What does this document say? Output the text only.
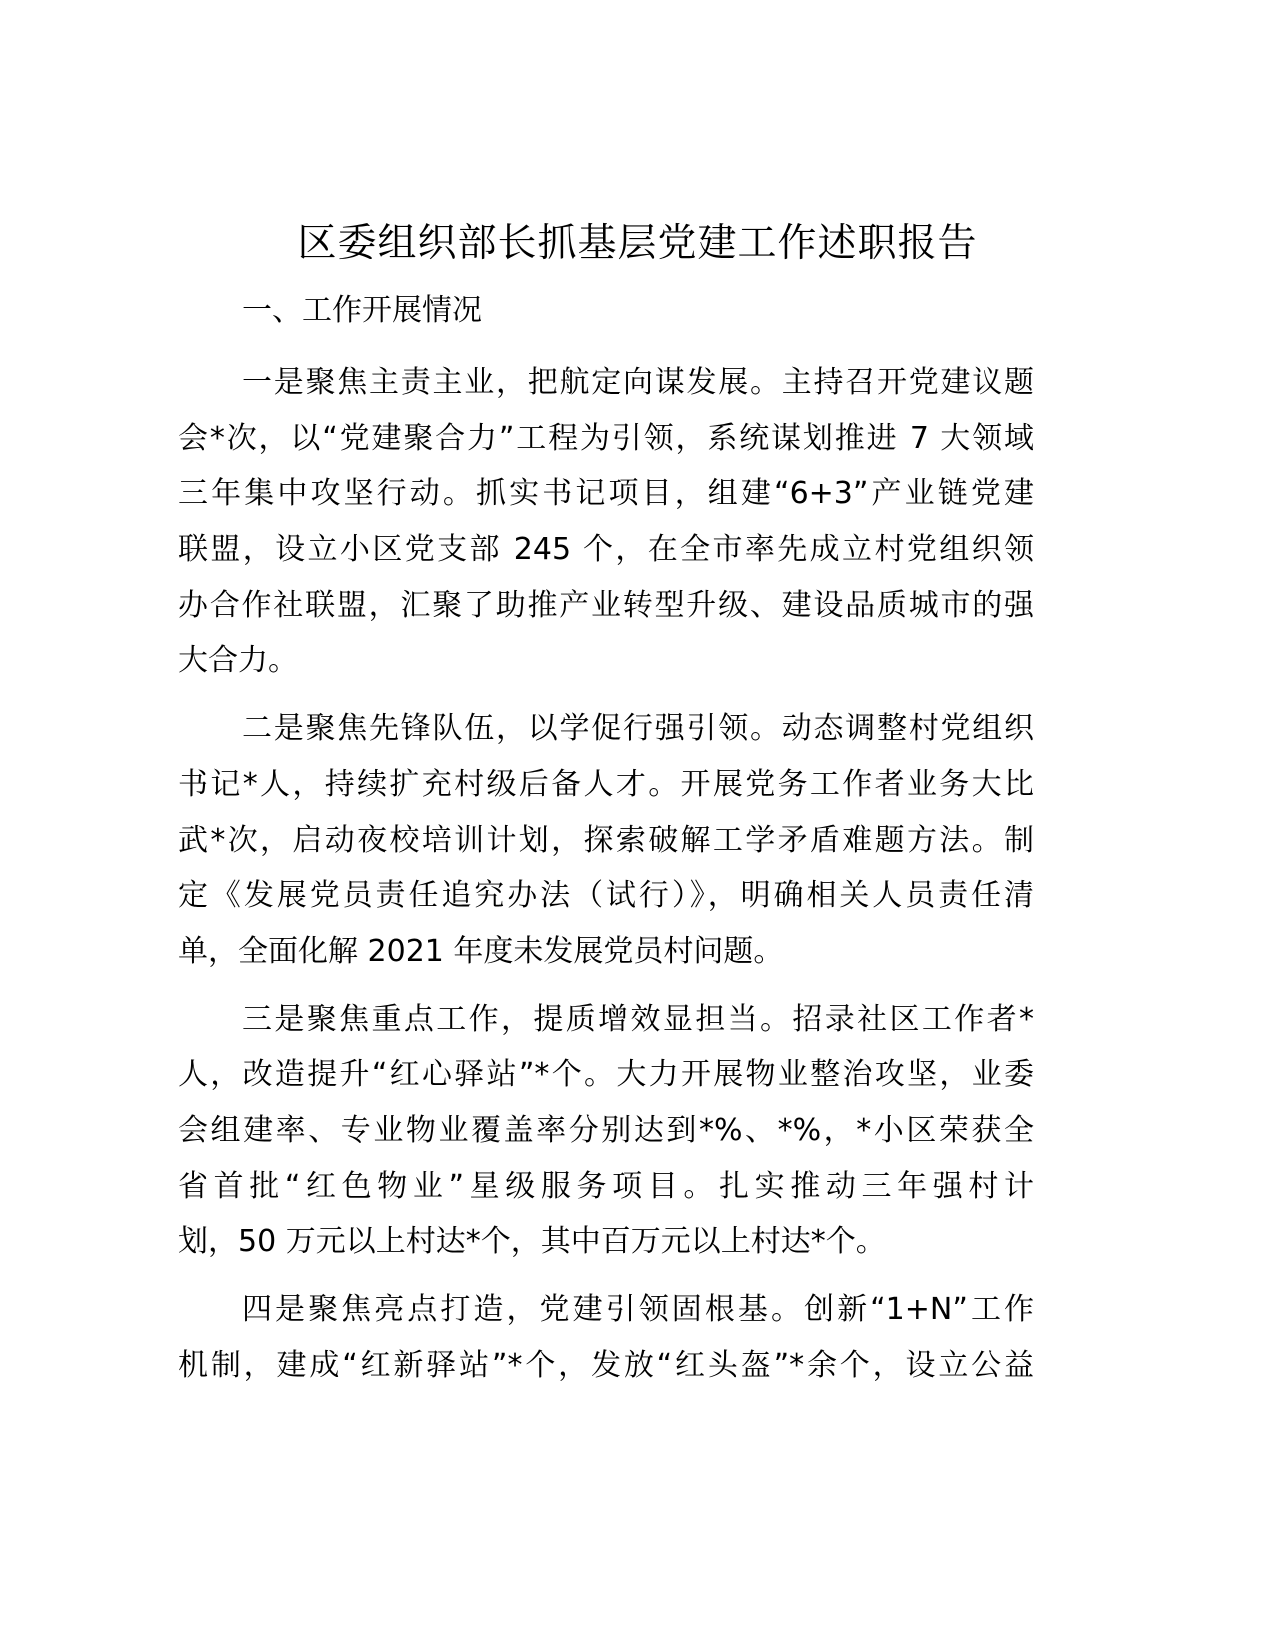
区委组织部长抓基层党建工作述职报告
一、工作开展情况
一是聚焦主责主业，把航定向谋发展。主持召开党建议题
会*次，以“党建聚合力”工程为引领，系统谋划推进 7 大领域
三年集中攻坚行动。抓实书记项目，组建“6+3”产业链党建
联盟，设立小区党支部 245 个，在全市率先成立村党组织领
办合作社联盟，汇聚了助推产业转型升级、建设品质城市的强
大合力。
二是聚焦先锋队伍，以学促行强引领。动态调整村党组织
书记*人，持续扩充村级后备人才。开展党务工作者业务大比
武*次，启动夜校培训计划，探索破解工学矛盾难题方法。制
定《发展党员责任追究办法（试行）》，明确相关人员责任清
单，全面化解 2021 年度未发展党员村问题。
三是聚焦重点工作，提质增效显担当。招录社区工作者*
人，改造提升“红心驿站”*个。大力开展物业整治攻坚，业委
会组建率、专业物业覆盖率分别达到*%、*%，*小区荣获全
省首批“红色物业”星级服务项目。扎实推动三年强村计
划，50 万元以上村达*个，其中百万元以上村达*个。
四是聚焦亮点打造，党建引领固根基。创新“1+N”工作
机制，建成“红新驿站”*个，发放“红头盔”*余个，设立公益
